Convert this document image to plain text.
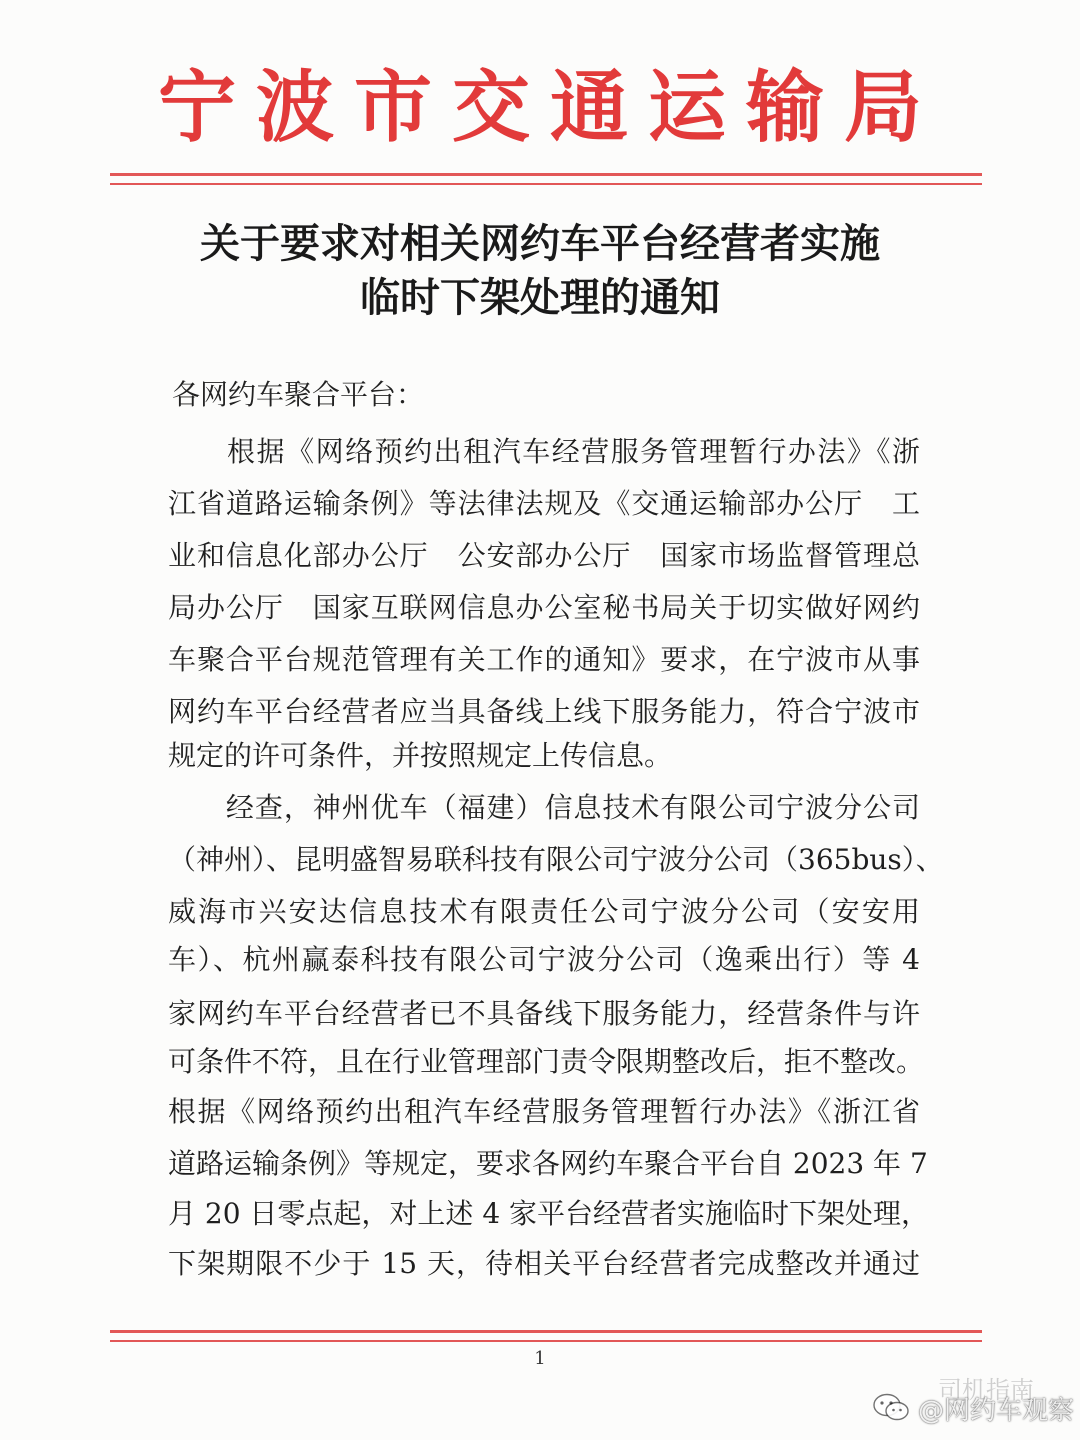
宁波市交通运输局
关于要求对相关网约车平台经营者实施
临时下架处理的通知
各网约车聚合平台：
　　根据《网络预约出租汽车经营服务管理暂行办法》《浙
江省道路运输条例》等法律法规及《交通运输部办公厅　工
业和信息化部办公厅　公安部办公厅　国家市场监督管理总
局办公厅　国家互联网信息办公室秘书局关于切实做好网约
车聚合平台规范管理有关工作的通知》要求，在宁波市从事
网约车平台经营者应当具备线上线下服务能力，符合宁波市
规定的许可条件，并按照规定上传信息。
　　经查，神州优车（福建）信息技术有限公司宁波分公司
（神州）、昆明盛智易联科技有限公司宁波分公司（365bus）、
威海市兴安达信息技术有限责任公司宁波分公司（安安用
车）、杭州赢泰科技有限公司宁波分公司（逸乘出行）等 4
家网约车平台经营者已不具备线下服务能力，经营条件与许
可条件不符，且在行业管理部门责令限期整改后，拒不整改。
根据《网络预约出租汽车经营服务管理暂行办法》《浙江省
道路运输条例》等规定，要求各网约车聚合平台自 2023 年 7
月 20 日零点起，对上述 4 家平台经营者实施临时下架处理，
下架期限不少于 15 天，待相关平台经营者完成整改并通过
1
司机指南
@网约车观察
